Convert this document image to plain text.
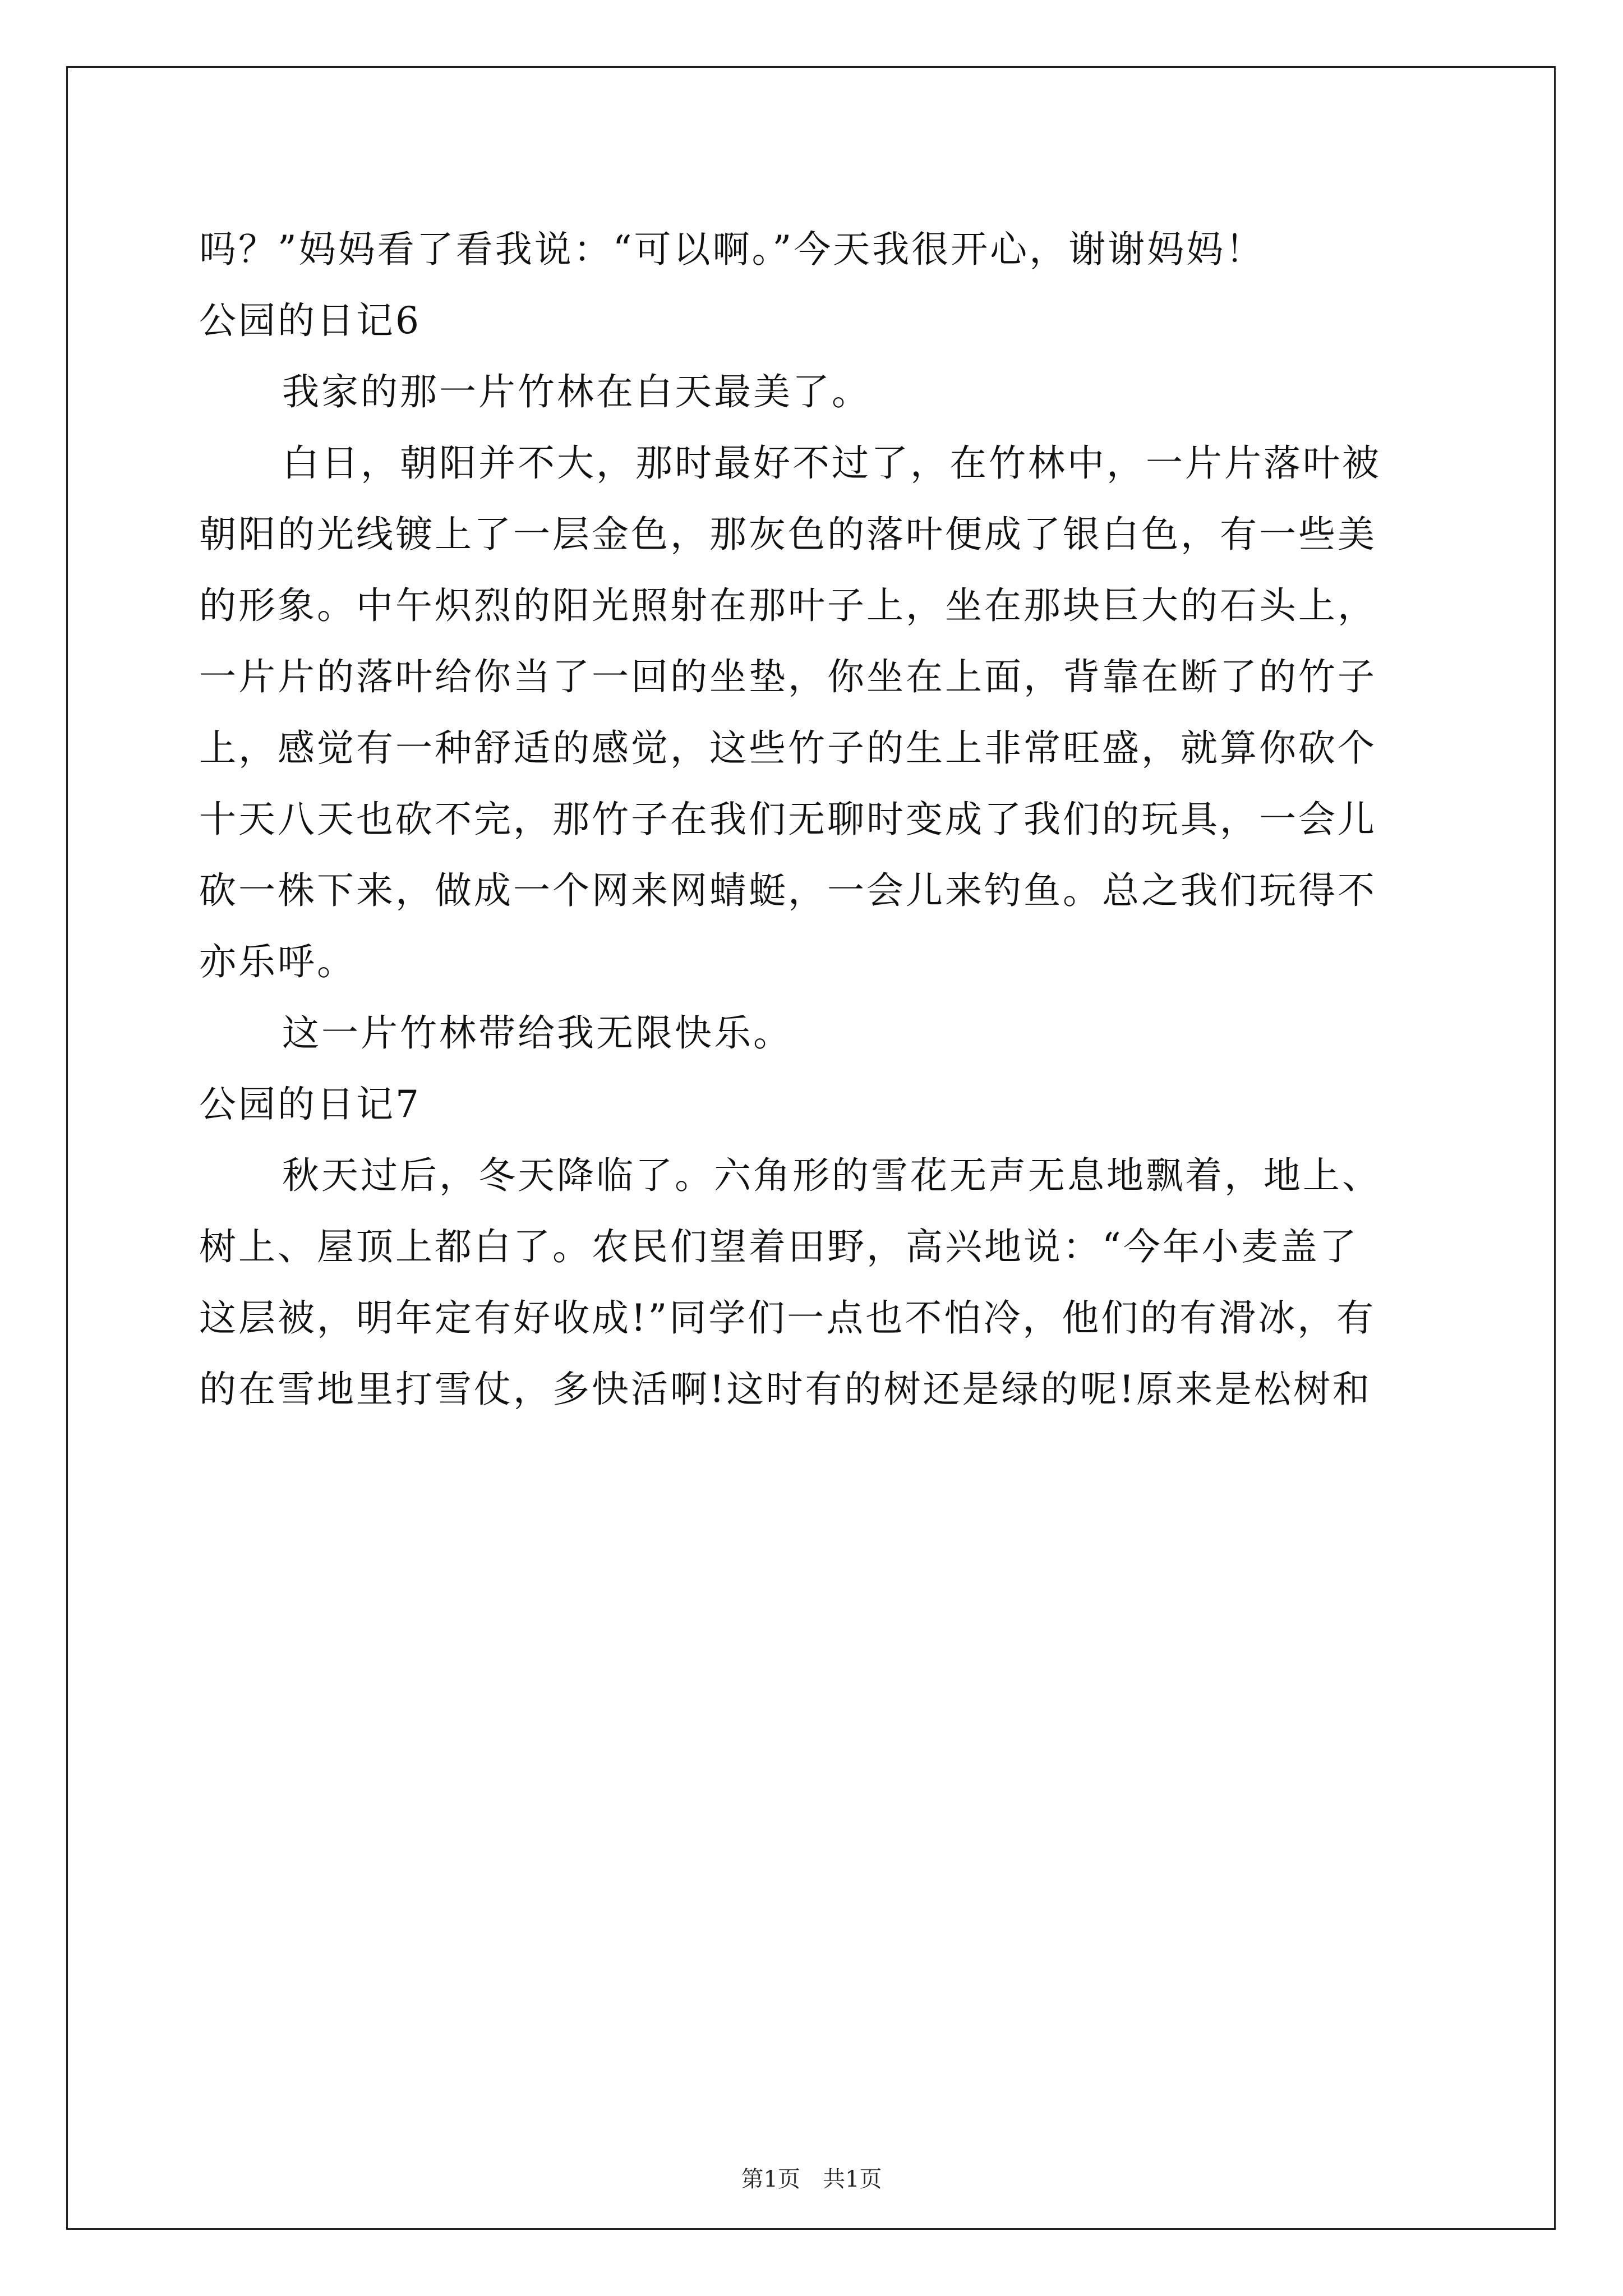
吗？”妈妈看了看我说：“可以啊。”今天我很开心，谢谢妈妈！
公园的日记6
我家的那一片竹林在白天最美了。
白日，朝阳并不大，那时最好不过了，在竹林中，一片片落叶被
朝阳的光线镀上了一层金色，那灰色的落叶便成了银白色，有一些美
的形象。中午炽烈的阳光照射在那叶子上，坐在那块巨大的石头上，
一片片的落叶给你当了一回的坐垫，你坐在上面，背靠在断了的竹子
上，感觉有一种舒适的感觉，这些竹子的生上非常旺盛，就算你砍个
十天八天也砍不完，那竹子在我们无聊时变成了我们的玩具，一会儿
砍一株下来，做成一个网来网蜻蜓，一会儿来钓鱼。总之我们玩得不
亦乐呼。
这一片竹林带给我无限快乐。
公园的日记7
秋天过后，冬天降临了。六角形的雪花无声无息地飘着，地上、
树上、屋顶上都白了。农民们望着田野，高兴地说：“今年小麦盖了
这层被，明年定有好收成!”同学们一点也不怕冷，他们的有滑冰，有
的在雪地里打雪仗，多快活啊!这时有的树还是绿的呢!原来是松树和
第1页　共1页
